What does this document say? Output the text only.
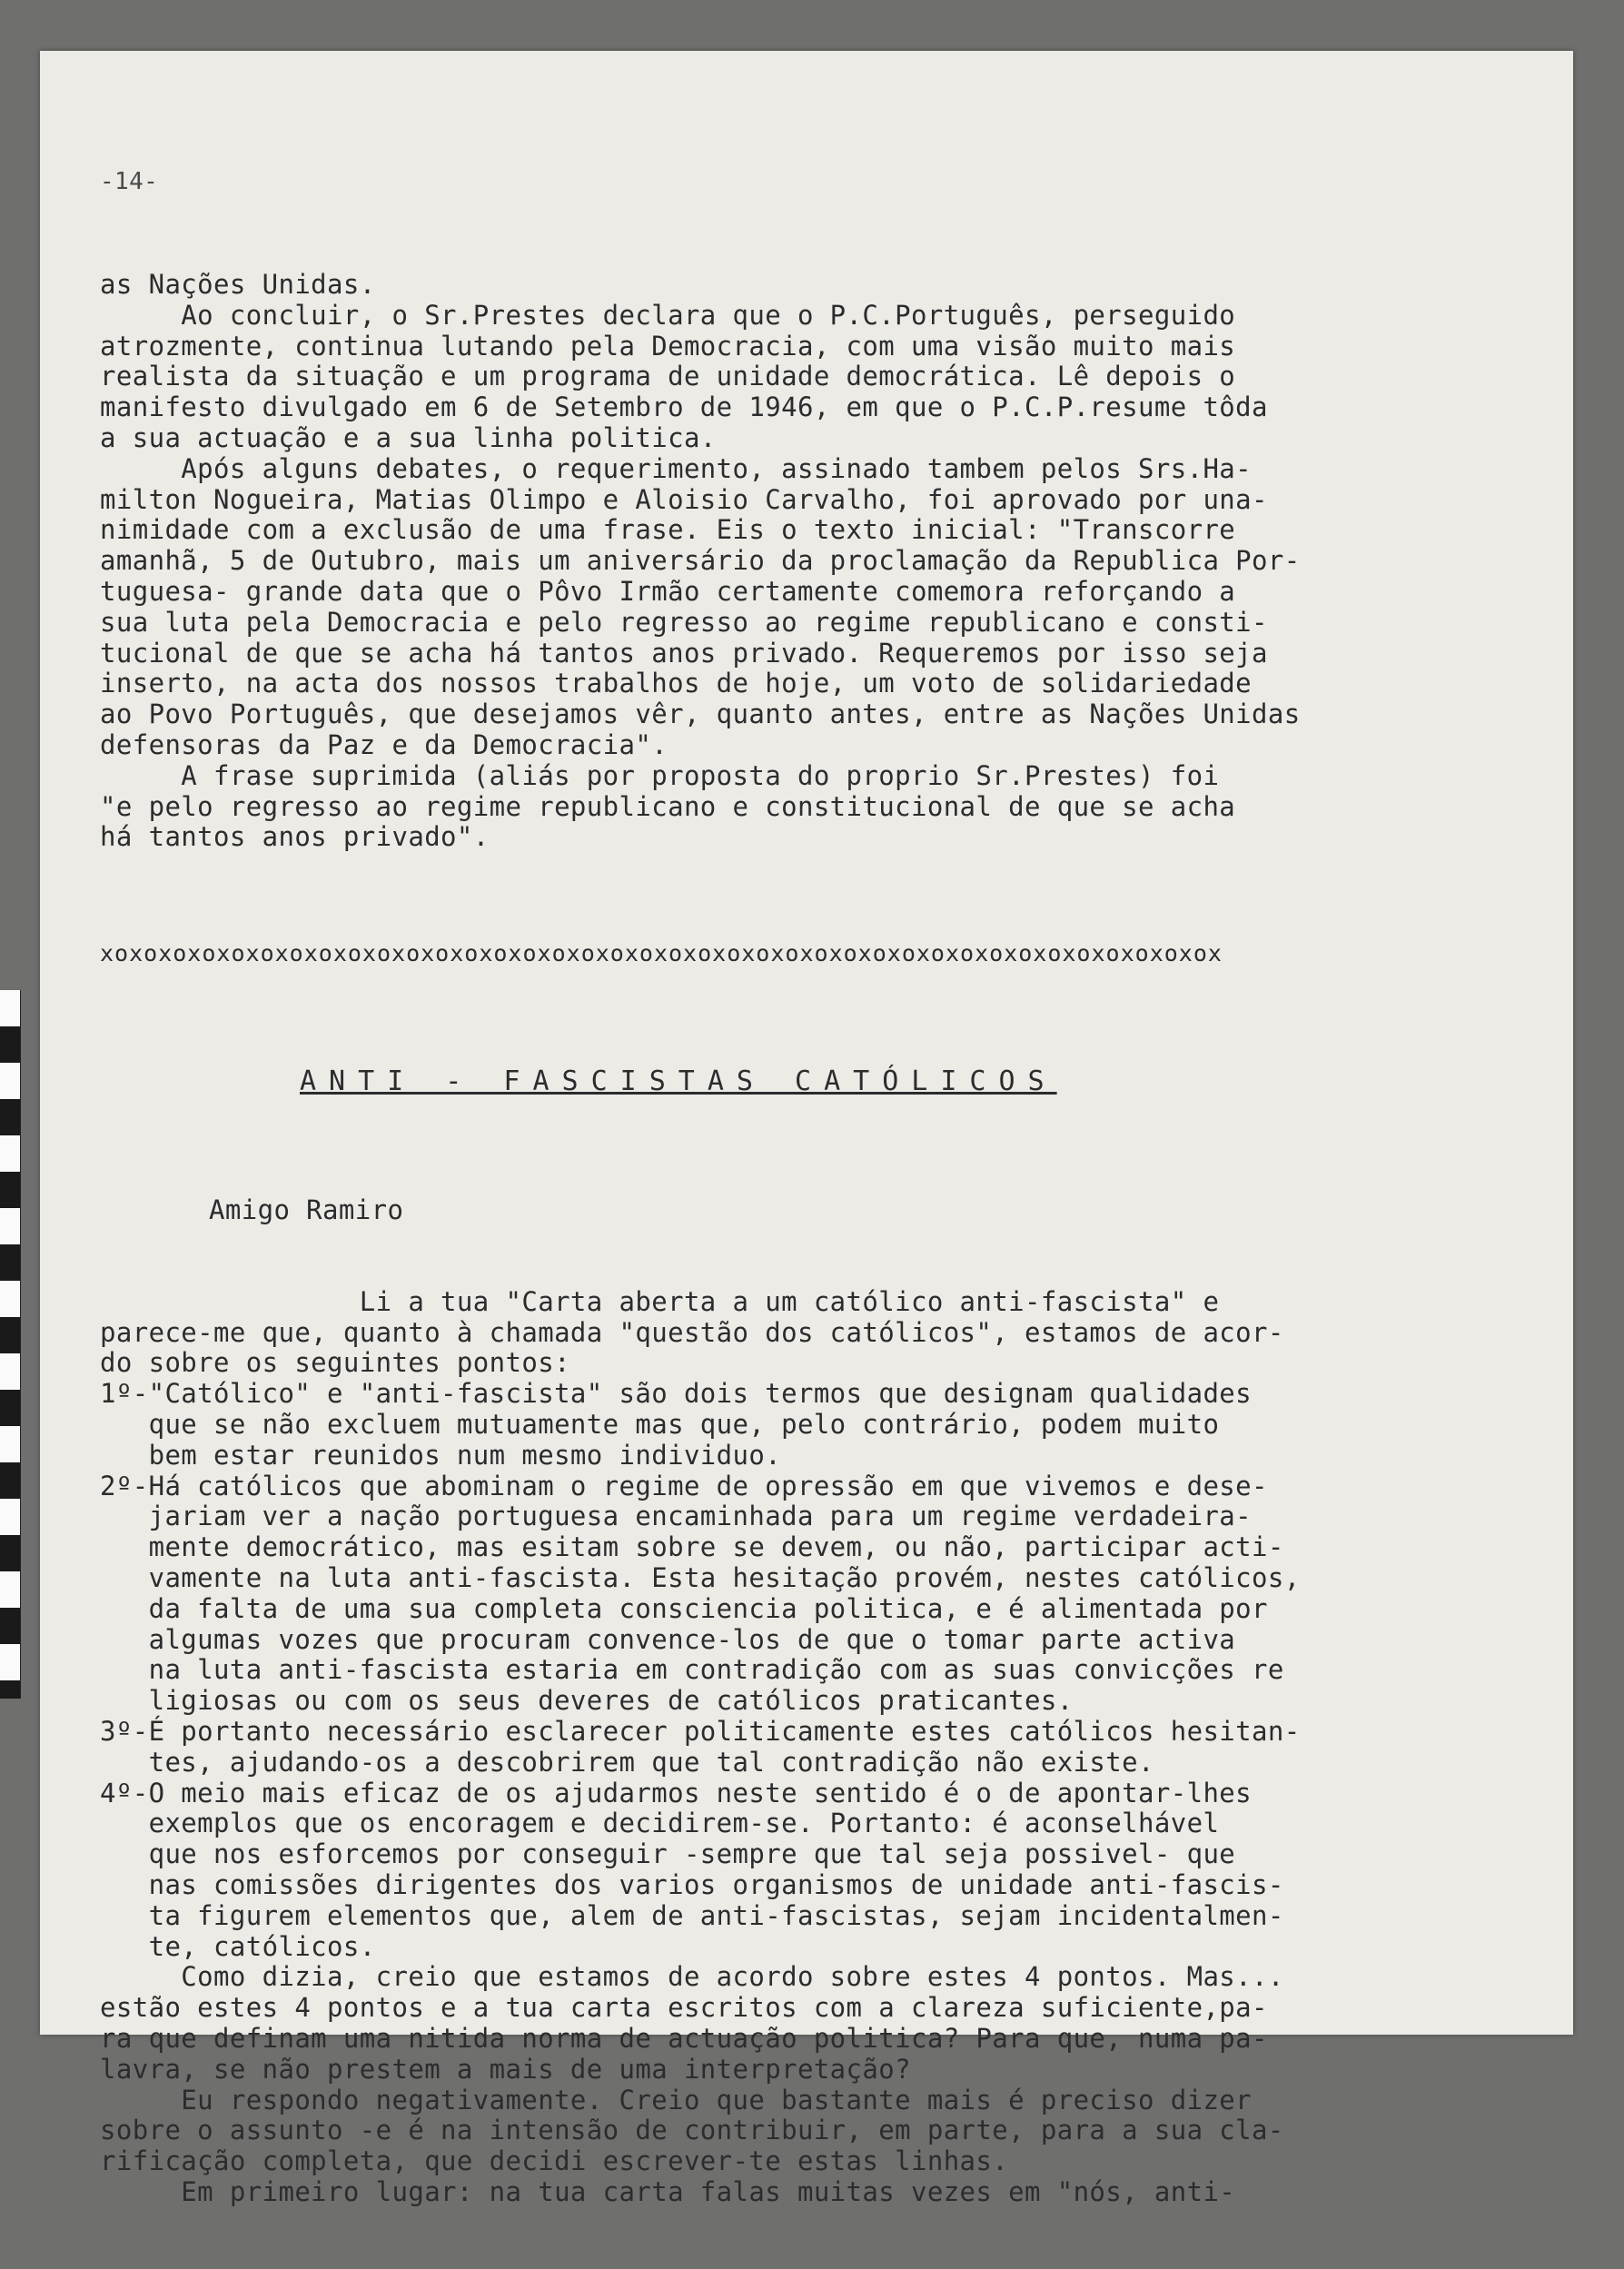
-14-

as Nações Unidas.
Ao concluir, o Sr.Prestes declara que o P.C.Português, perseguido
atrozmente, continua lutando pela Democracia, com uma visão muito mais
realista da situação e um programa de unidade democrática. Lê depois o
manifesto divulgado em 6 de Setembro de 1946, em que o P.C.P.resume tôda
a sua actuação e a sua linha politica.
Após alguns debates, o requerimento, assinado tambem pelos Srs.Ha-
milton Nogueira, Matias Olimpo e Aloisio Carvalho, foi aprovado por una-
nimidade com a exclusão de uma frase. Eis o texto inicial: "Transcorre
amanhã, 5 de Outubro, mais um aniversário da proclamação da Republica Por-
tuguesa- grande data que o Pôvo Irmão certamente comemora reforçando a
sua luta pela Democracia e pelo regresso ao regime republicano e consti-
tucional de que se acha há tantos anos privado. Requeremos por isso seja
inserto, na acta dos nossos trabalhos de hoje, um voto de solidariedade
ao Povo Português, que desejamos vêr, quanto antes, entre as Nações Unidas
defensoras da Paz e da Democracia".
A frase suprimida (aliás por proposta do proprio Sr.Prestes) foi
"e pelo regresso ao regime republicano e constitucional de que se acha
há tantos anos privado".

xoxoxoxoxoxoxoxoxoxoxoxoxoxoxoxoxoxoxoxoxoxoxoxoxoxoxoxoxoxoxoxoxoxoxoxoxoxox

ANTI - FASCISTAS CATÓLICOS

Amigo Ramiro

Li a tua "Carta aberta a um católico anti-fascista" e
parece-me que, quanto à chamada "questão dos católicos", estamos de acor-
do sobre os seguintes pontos:
1º-"Católico" e "anti-fascista" são dois termos que designam qualidades
que se não excluem mutuamente mas que, pelo contrário, podem muito
bem estar reunidos num mesmo individuo.
2º-Há católicos que abominam o regime de opressão em que vivemos e dese-
jariam ver a nação portuguesa encaminhada para um regime verdadeira-
mente democrático, mas esitam sobre se devem, ou não, participar acti-
vamente na luta anti-fascista. Esta hesitação provém, nestes católicos,
da falta de uma sua completa consciencia politica, e é alimentada por
algumas vozes que procuram convence-los de que o tomar parte activa
na luta anti-fascista estaria em contradição com as suas convicções re
ligiosas ou com os seus deveres de católicos praticantes.
3º-É portanto necessário esclarecer politicamente estes católicos hesitan-
tes, ajudando-os a descobrirem que tal contradição não existe.
4º-O meio mais eficaz de os ajudarmos neste sentido é o de apontar-lhes
exemplos que os encoragem e decidirem-se. Portanto: é aconselhável
que nos esforcemos por conseguir -sempre que tal seja possivel- que
nas comissões dirigentes dos varios organismos de unidade anti-fascis-
ta figurem elementos que, alem de anti-fascistas, sejam incidentalmen-
te, católicos.
Como dizia, creio que estamos de acordo sobre estes 4 pontos. Mas...
estão estes 4 pontos e a tua carta escritos com a clareza suficiente,pa-
ra que definam uma nitida norma de actuação politica? Para que, numa pa-
lavra, se não prestem a mais de uma interpretação?
Eu respondo negativamente. Creio que bastante mais é preciso dizer
sobre o assunto -e é na intensão de contribuir, em parte, para a sua cla-
rificação completa, que decidi escrever-te estas linhas.
Em primeiro lugar: na tua carta falas muitas vezes em "nós, anti-
